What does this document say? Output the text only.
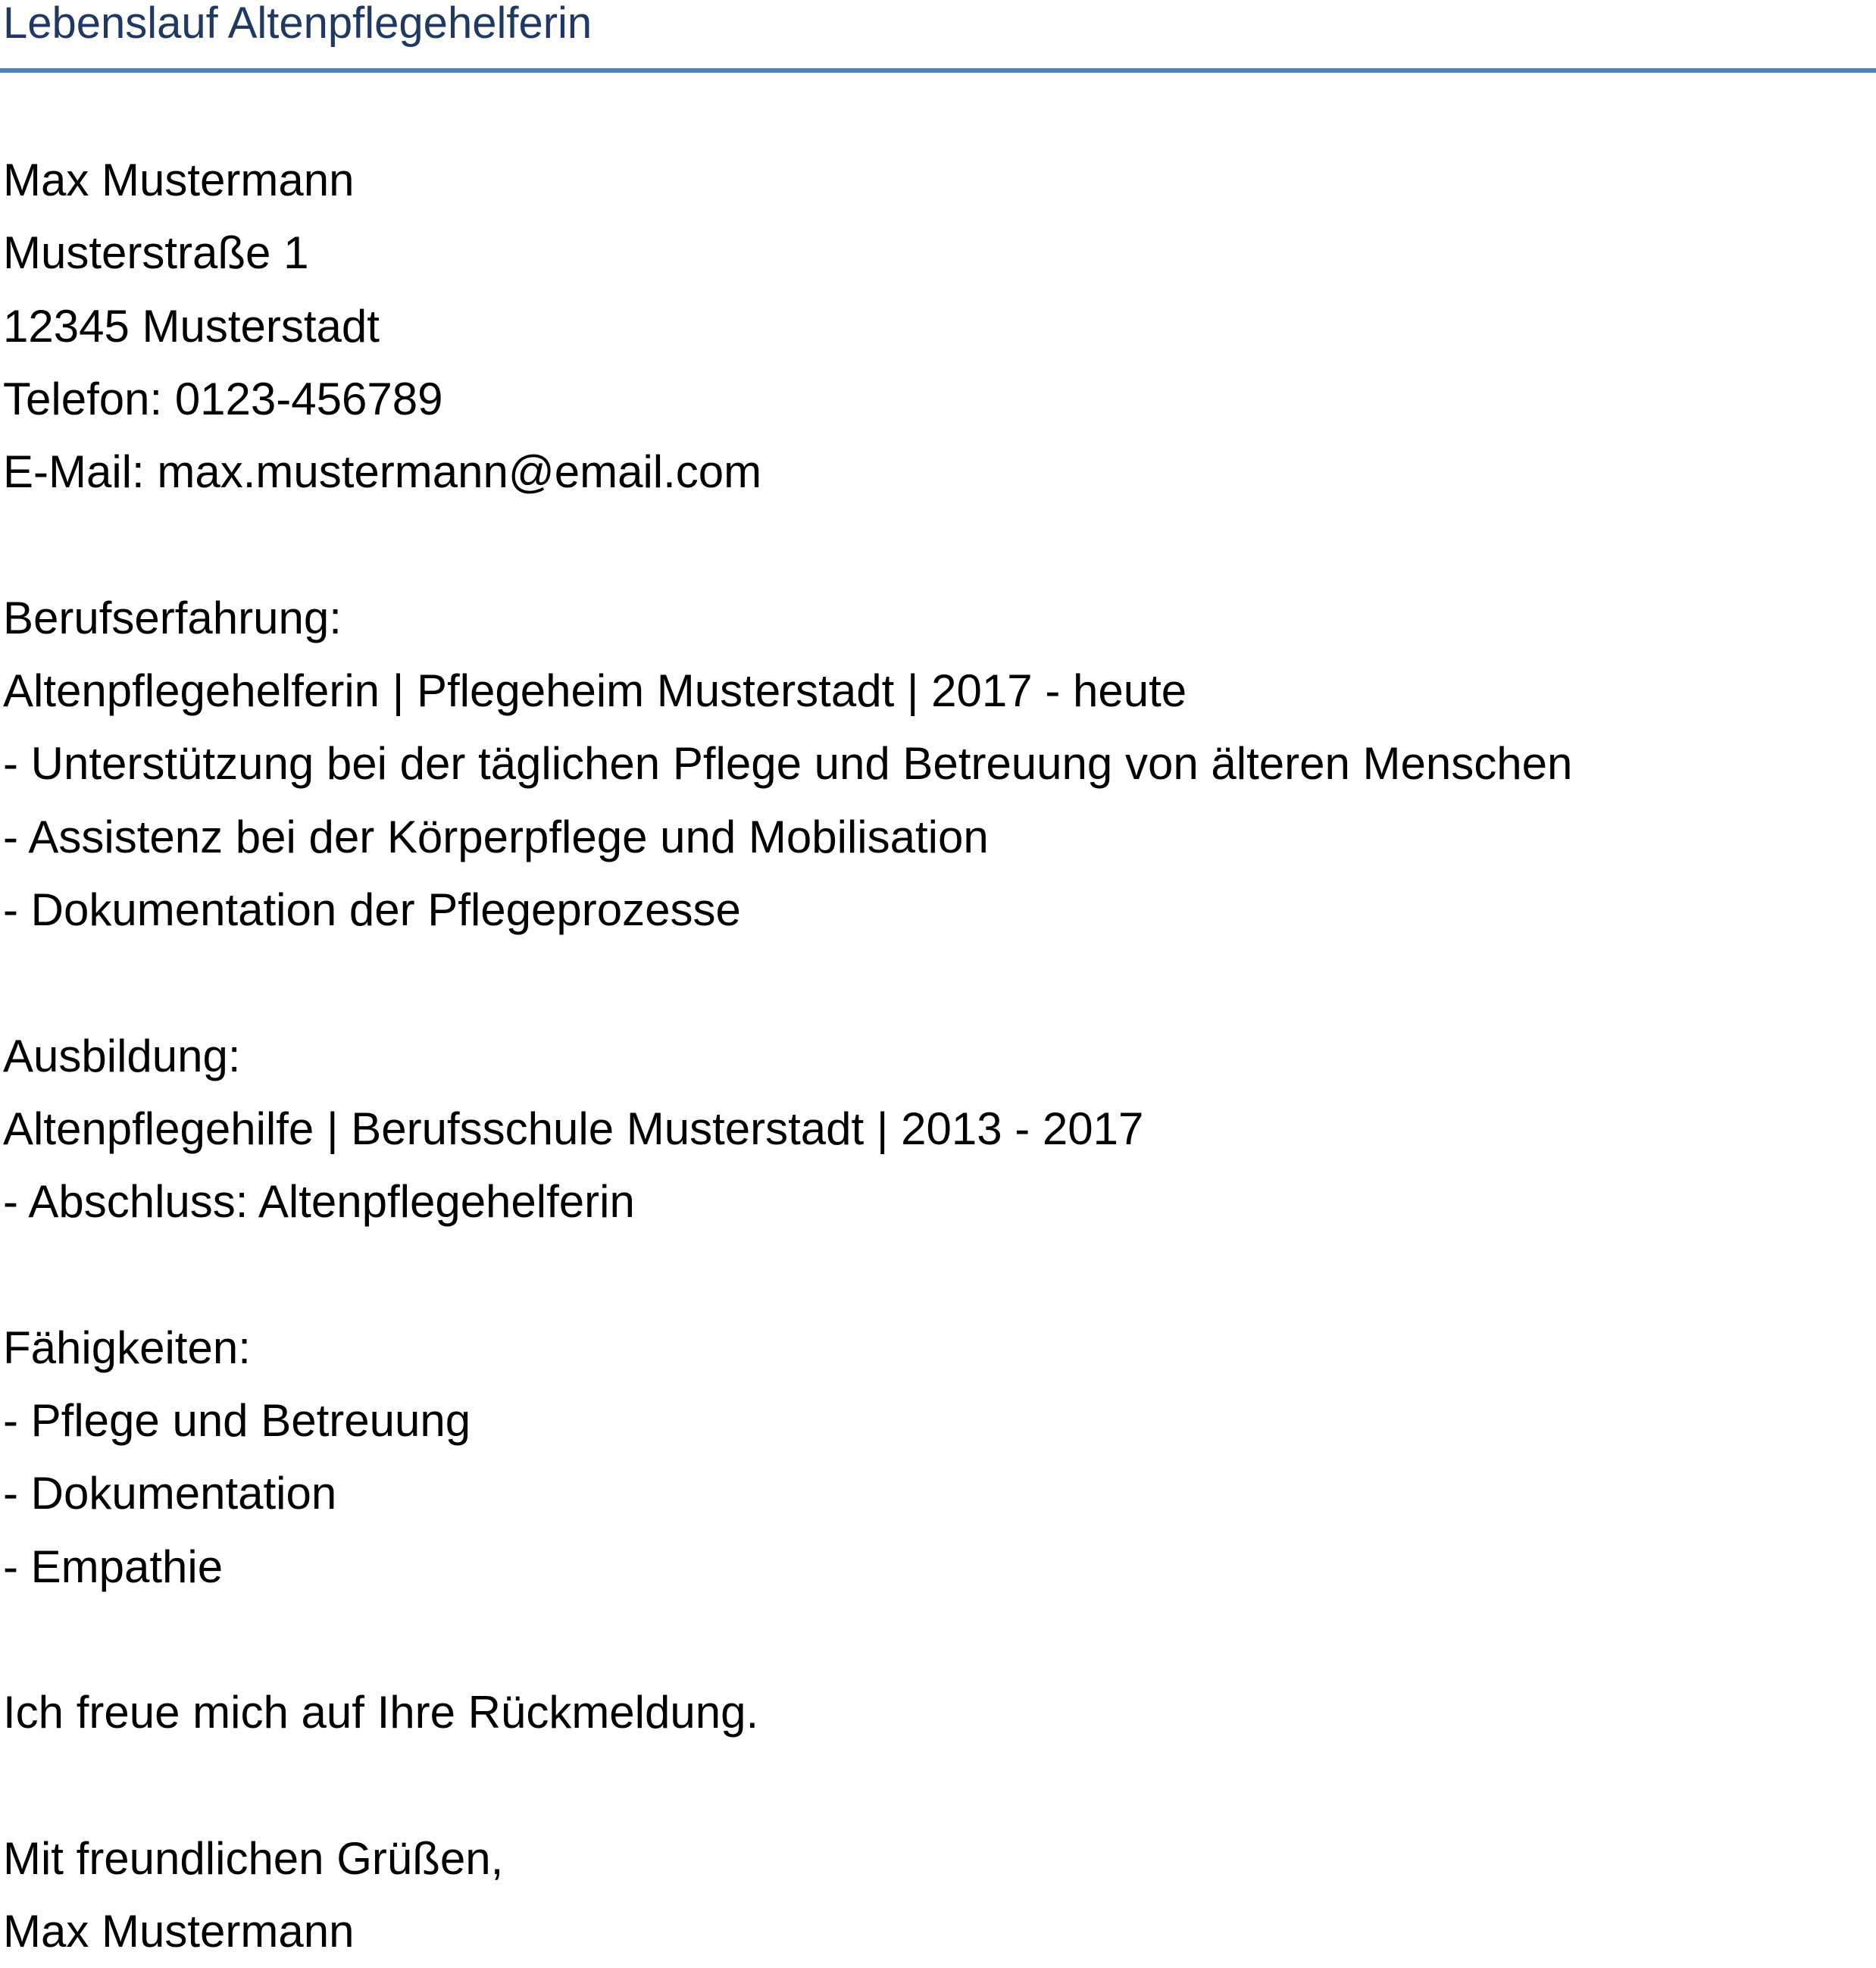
Lebenslauf Altenpflegehelferin
Max Mustermann
Musterstraße 1
12345 Musterstadt
Telefon: 0123-456789
E-Mail: max.mustermann@email.com
Berufserfahrung:
Altenpflegehelferin | Pflegeheim Musterstadt | 2017 - heute
- Unterstützung bei der täglichen Pflege und Betreuung von älteren Menschen
- Assistenz bei der Körperpflege und Mobilisation
- Dokumentation der Pflegeprozesse
Ausbildung:
Altenpflegehilfe | Berufsschule Musterstadt | 2013 - 2017
- Abschluss: Altenpflegehelferin
Fähigkeiten:
- Pflege und Betreuung
- Dokumentation
- Empathie
Ich freue mich auf Ihre Rückmeldung.
Mit freundlichen Grüßen,
Max Mustermann
